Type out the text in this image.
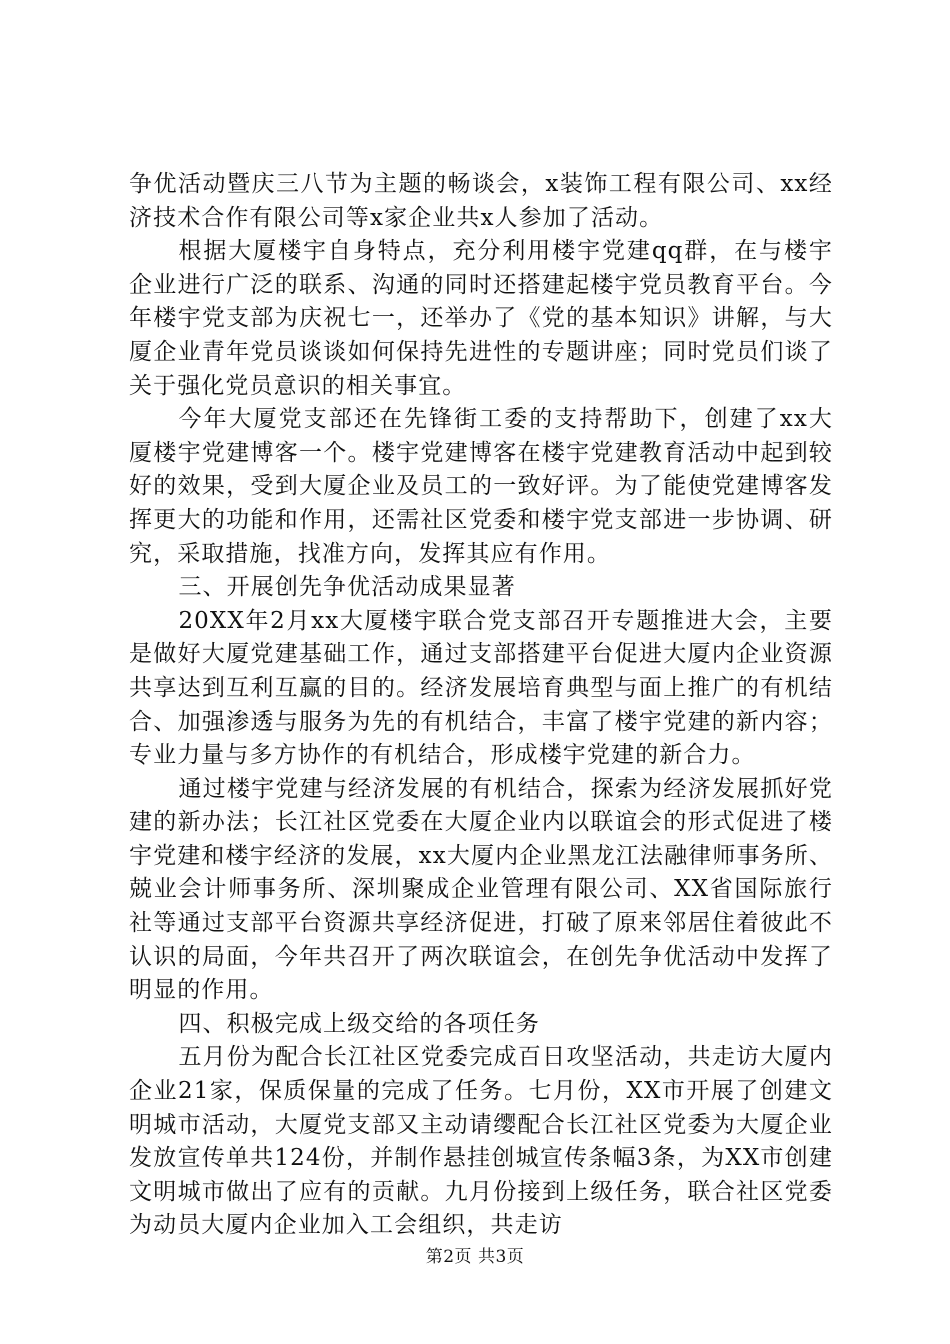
争优活动暨庆三八节为主题的畅谈会，x装饰工程有限公司、xx经济技术合作有限公司等x家企业共x人参加了活动。

根据大厦楼宇自身特点，充分利用楼宇党建qq群，在与楼宇企业进行广泛的联系、沟通的同时还搭建起楼宇党员教育平台。今年楼宇党支部为庆祝七一，还举办了《党的基本知识》讲解，与大厦企业青年党员谈谈如何保持先进性的专题讲座；同时党员们谈了关于强化党员意识的相关事宜。

今年大厦党支部还在先锋街工委的支持帮助下，创建了xx大厦楼宇党建博客一个。楼宇党建博客在楼宇党建教育活动中起到较好的效果，受到大厦企业及员工的一致好评。为了能使党建博客发挥更大的功能和作用，还需社区党委和楼宇党支部进一步协调、研究，采取措施，找准方向，发挥其应有作用。

三、开展创先争优活动成果显著

20XX年2月xx大厦楼宇联合党支部召开专题推进大会，主要是做好大厦党建基础工作，通过支部搭建平台促进大厦内企业资源共享达到互利互赢的目的。经济发展培育典型与面上推广的有机结合、加强渗透与服务为先的有机结合，丰富了楼宇党建的新内容；专业力量与多方协作的有机结合，形成楼宇党建的新合力。

通过楼宇党建与经济发展的有机结合，探索为经济发展抓好党建的新办法；长江社区党委在大厦企业内以联谊会的形式促进了楼宇党建和楼宇经济的发展，xx大厦内企业黑龙江法融律师事务所、兢业会计师事务所、深圳聚成企业管理有限公司、XX省国际旅行社等通过支部平台资源共享经济促进，打破了原来邻居住着彼此不认识的局面，今年共召开了两次联谊会，在创先争优活动中发挥了明显的作用。

四、积极完成上级交给的各项任务

五月份为配合长江社区党委完成百日攻坚活动，共走访大厦内企业21家，保质保量的完成了任务。七月份，XX市开展了创建文明城市活动，大厦党支部又主动请缨配合长江社区党委为大厦企业发放宣传单共124份，并制作悬挂创城宣传条幅3条，为XX市创建文明城市做出了应有的贡献。九月份接到上级任务，联合社区党委为动员大厦内企业加入工会组织，共走访

第2页 共3页
